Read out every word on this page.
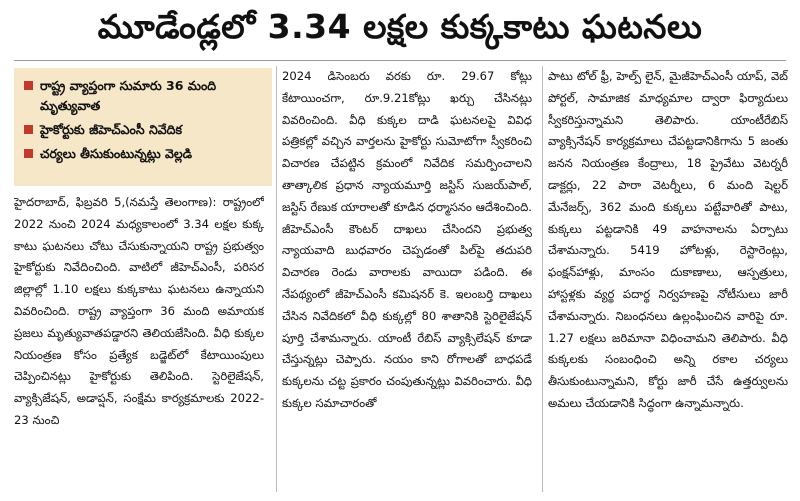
మూడేండ్లలో 3.34 లక్షల కుక్కకాటు ఘటనలు
రాష్ట్ర వ్యాప్తంగా సుమారు 36 మంది మృత్యువాత
హైకోర్టుకు జీహెచ్‌ఎంసీ నివేదిక
చర్యలు తీసుకుంటున్నట్లు వెల్లడి

హైదరాబాద్, ఫిబ్రవరి 5,(నమస్తే తెలంగాణ): రాష్ట్రంలో 2022 నుంచి 2024 మధ్యకాలంలో 3.34 లక్షల కుక్క కాటు ఘటనలు చోటు చేసుకున్నాయని రాష్ట్ర ప్రభుత్వం హైకోర్టుకు నివేదించింది. వాటిలో జీహెచ్‌ఎంసీ, పరిసర జిల్లాల్లో 1.10 లక్షలు కుక్కకాటు ఘటనలు ఉన్నాయని వివరించింది. రాష్ట్ర వ్యాప్తంగా 36 మంది అమాయక ప్రజలు మృత్యువాతపడ్డారని తెలియజేసింది. వీధి కుక్కల నియంత్రణ కోసం ప్రత్యేక బడ్జెట్‌లో కేటాయింపులు చెప్పించినట్లు హైకోర్టుకు తెలిపింది. స్టెరిలైజేషన్, వ్యాక్సిజేషన్, అడాప్షన్, సంక్షేమ కార్యక్రమాలకు 2022-23 నుంచి

2024 డిసెంబరు వరకు రూ. 29.67 కోట్లు కేటాయించగా, రూ.9.21కోట్లు ఖర్చు చేసినట్లు వివరించింది. వీధి కుక్కల దాడి ఘటనలపై వివిధ పత్రికల్లో వచ్చిన వార్తలను హైకోర్టు సుమోటోగా స్వీకరించి విచారణ చేపట్టిన క్రమంలో నివేదిక సమర్పించాలని తాత్కాలిక ప్రధాన న్యాయమూర్తి జస్టిస్ సుజయ్‌పాల్, జస్టిస్ రేణుక యారాలతో కూడిన ధర్మాసనం ఆదేశించింది. జీహెచ్‌ఎంసీ కౌంటర్ దాఖలు చేసిందని ప్రభుత్వ న్యాయవాది బుధవారం చెప్పడంతో పిల్‌పై తదుపరి విచారణ రెండు వారాలకు వాయిదా పడింది. ఈ నేపథ్యంలో జీహెచ్‌ఎంసీ కమిషనర్ కె. ఇలంబర్తి దాఖలు చేసిన నివేదికలో వీధి కుక్కల్లో 80 శాతానికి స్టెరిలైజేషన్ పూర్తి చేశామన్నారు. యాంటీ రేబిస్ వ్యాక్సిలేషన్ కూడా చేస్తున్నట్లు చెప్పారు. నయం కాని రోగాలతో బాధపడే కుక్కలను చట్ట ప్రకారం చంపుతున్నట్లు వివరించారు. వీధి కుక్కల సమాచారంతో

పాటు టోల్ ఫ్రీ, హెల్ప్ లైన్, మైజీహెచ్‌ఎంసీ యాప్, వెబ్ పోర్టల్, సామాజిక మాధ్యమాల ద్వారా ఫిర్యాదులు స్వీకరిస్తున్నామని తెలిపారు. యాంటీరేబిస్ వ్యాక్సినేషన్ కార్యక్రమాలు చేపట్టడానికిగాను 5 జంతు జనన నియంత్రణ కేంద్రాలు, 18 ప్రైవేటు వెటర్నరీ డాక్టర్లు, 22 పారా వెటర్నీలు, 6 మంది షెల్టర్ మేనేజర్స్, 362 మంది కుక్కలు పట్టేవారితో పాటు, కుక్కలు పట్టడానికి 49 వాహనాలను ఏర్పాటు చేశామన్నారు. 5419 హోటళ్లు, రెస్టారెంట్లు, ఫంక్షన్‌హాళ్లు, మాంసం దుకాణాలు, ఆస్పత్రులు, హాస్టళ్లకు వ్యర్థ పదార్థ నిర్వహణపై నోటీసులు జారీ చేశామన్నారు. నిబంధనలు ఉల్లంఘించిన వారిపై రూ. 1.27 లక్షలు జరిమానా విధించామని తెలిపారు. వీధి కుక్కలకు సంబంధించి అన్ని రకాల చర్యలు తీసుకుంటున్నామని, కోర్టు జారీ చేసే ఉత్తర్వులను అమలు చేయడానికి సిద్ధంగా ఉన్నామన్నారు.
